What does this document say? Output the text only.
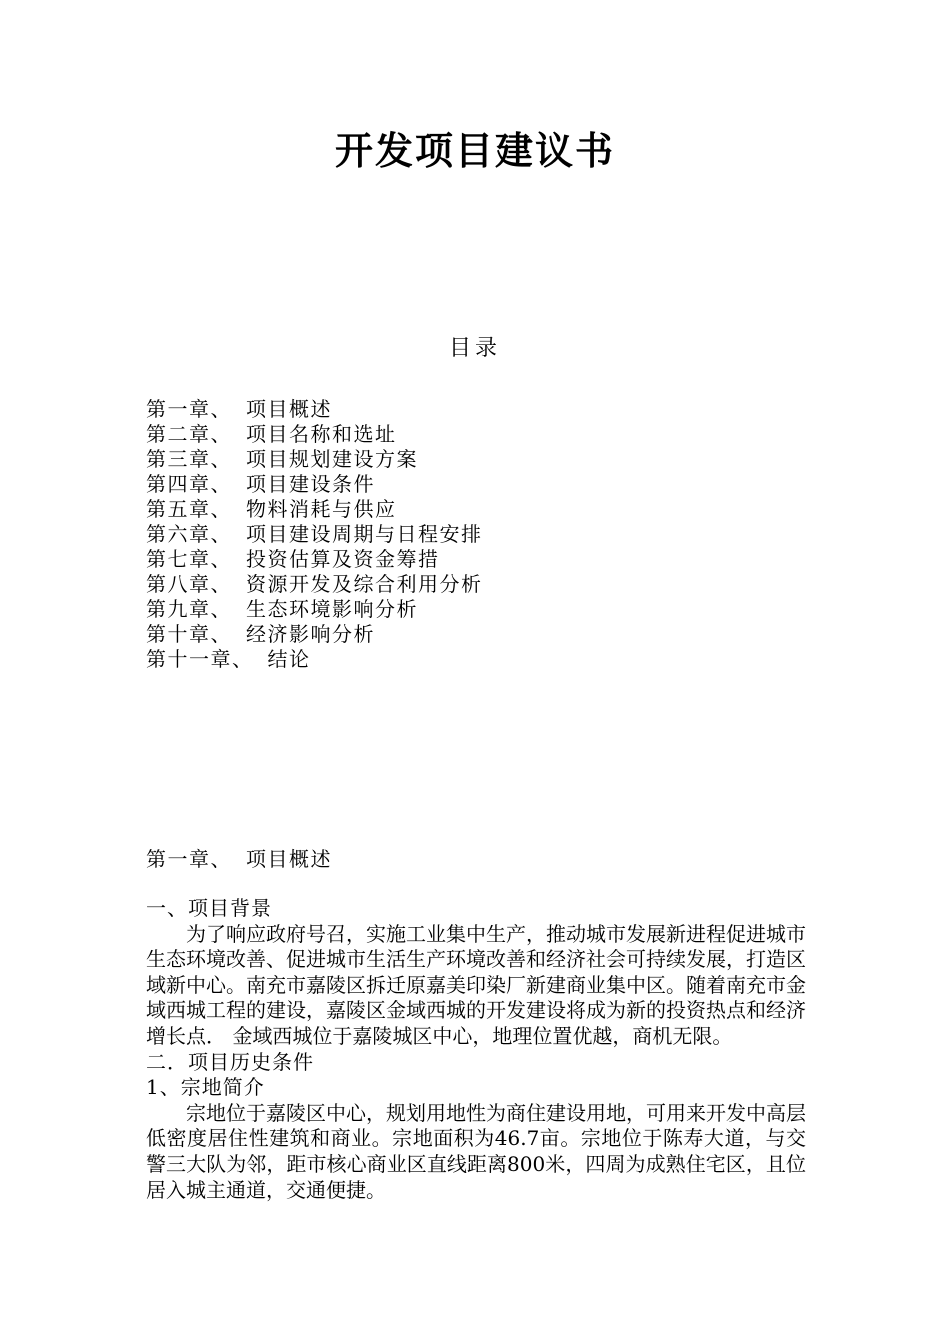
开发项目建议书
目录
第一章、 项目概述
第二章、 项目名称和选址
第三章、 项目规划建设方案
第四章、 项目建设条件
第五章、 物料消耗与供应
第六章、 项目建设周期与日程安排
第七章、 投资估算及资金筹措
第八章、 资源开发及综合利用分析
第九章、 生态环境影响分析
第十章、 经济影响分析
第十一章、 结论
第一章、 项目概述
一、项目背景

为了响应政府号召，实施工业集中生产，推动城市发展新进程促进城市生态环境改善、促进城市生活生产环境改善和经济社会可持续发展，打造区域新中心。南充市嘉陵区拆迁原嘉美印染厂新建商业集中区。随着南充市金域西城工程的建设，嘉陵区金域西城的开发建设将成为新的投资热点和经济增长点． 金域西城位于嘉陵城区中心，地理位置优越，商机无限。

二．项目历史条件
1、宗地简介

宗地位于嘉陵区中心，规划用地性为商住建设用地，可用来开发中高层低密度居住性建筑和商业。宗地面积为46.7亩。宗地位于陈寿大道，与交警三大队为邻，距市核心商业区直线距离800米，四周为成熟住宅区，且位居入城主通道，交通便捷。
